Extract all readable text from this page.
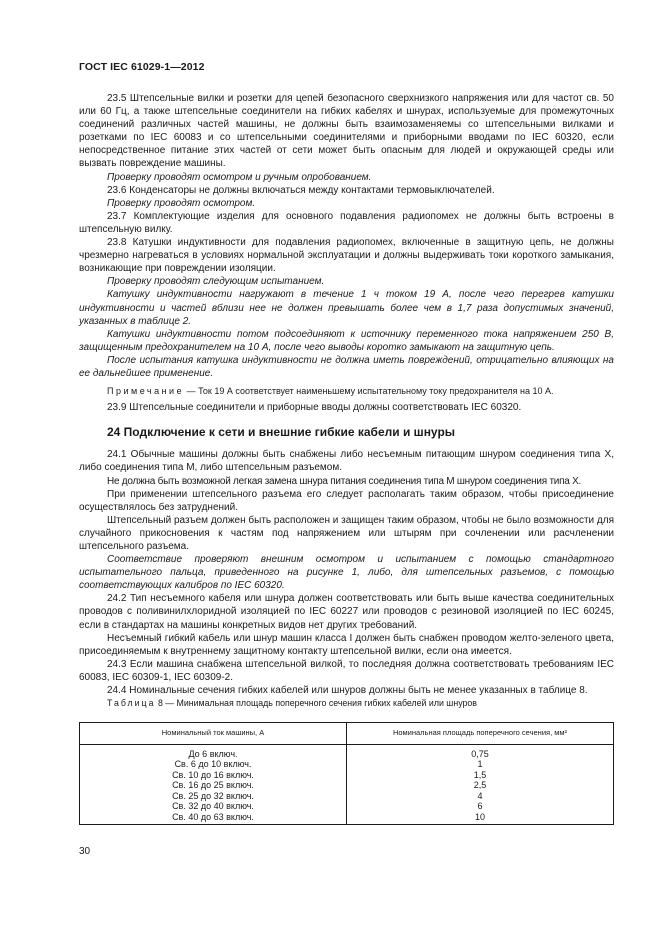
ГОСТ IEC 61029-1—2012

23.5 Штепсельные вилки и розетки для цепей безопасного сверхнизкого напряжения или для частот св. 50 или 60 Гц, а также штепсельные соединители на гибких кабелях и шнурах, используемые для промежуточных соединений различных частей машины, не должны быть взаимозаменяемы со штепсельными вилками и розетками по IEC 60083 и со штепсельными соединителями и приборными вводами по IEC 60320, если непосредственное питание этих частей от сети может быть опасным для людей и окружающей среды или вызвать повреждение машины.

Проверку проводят осмотром и ручным опробованием.

23.6 Конденсаторы не должны включаться между контактами термовыключателей.

Проверку проводят осмотром.

23.7 Комплектующие изделия для основного подавления радиопомех не должны быть встроены в штепсельную вилку.

23.8 Катушки индуктивности для подавления радиопомех, включенные в защитную цепь, не должны чрезмерно нагреваться в условиях нормальной эксплуатации и должны выдерживать токи короткого замыкания, возникающие при повреждении изоляции.

Проверку проводят следующим испытанием.

Катушку индуктивности нагружают в течение 1 ч током 19 А, после чего перегрев катушки индуктивности и частей вблизи нее не должен превышать более чем в 1,7 раза допустимых значений, указанных в таблице 2.

Катушки индуктивности потом подсоединяют к источнику переменного тока напряжением 250 В, защищенным предохранителем на 10 А, после чего выводы коротко замыкают на защитную цепь.

После испытания катушка индуктивности не должна иметь повреждений, отрицательно влияющих на ее дальнейшее применение.

Примечание — Ток 19 А соответствует наименьшему испытательному току предохранителя на 10 А.

23.9 Штепсельные соединители и приборные вводы должны соответствовать IEC 60320.

24 Подключение к сети и внешние гибкие кабели и шнуры

24.1 Обычные машины должны быть снабжены либо несъемным питающим шнуром соединения типа X, либо соединения типа M, либо штепсельным разъемом.

Не должна быть возможной легкая замена шнура питания соединения типа M шнуром соединения типа X.

При применении штепсельного разъема его следует располагать таким образом, чтобы присоединение осуществлялось без затруднений.

Штепсельный разъем должен быть расположен и защищен таким образом, чтобы не было возможности для случайного прикосновения к частям под напряжением или штырям при сочленении или расчленении штепсельного разъема.

Соответствие проверяют внешним осмотром и испытанием с помощью стандартного испытательного пальца, приведенного на рисунке 1, либо, для штепсельных разъемов, с помощью соответствующих калибров по IEC 60320.

24.2 Тип несъемного кабеля или шнура должен соответствовать или быть выше качества соединительных проводов с поливинилхлоридной изоляцией по IEC 60227 или проводов с резиновой изоляцией по IEC 60245, если в стандартах на машины конкретных видов нет других требований.

Несъемный гибкий кабель или шнур машин класса I должен быть снабжен проводом желто-зеленого цвета, присоединяемым к внутреннему защитному контакту штепсельной вилки, если она имеется.

24.3 Если машина снабжена штепсельной вилкой, то последняя должна соответствовать требованиям IEC 60083, IEC 60309-1, IEC 60309-2.

24.4 Номинальные сечения гибких кабелей или шнуров должны быть не менее указанных в таблице 8.

Таблица 8 — Минимальная площадь поперечного сечения гибких кабелей или шнуров

Номинальный ток машины, А	Номинальная площадь поперечного сечения, мм²
До 6 включ.	0,75
Св. 6 до 10 включ.	1
Св. 10 до 16 включ.	1,5
Св. 16 до 25 включ.	2,5
Св. 25 до 32 включ.	4
Св. 32 до 40 включ.	6
Св. 40 до 63 включ.	10
30
